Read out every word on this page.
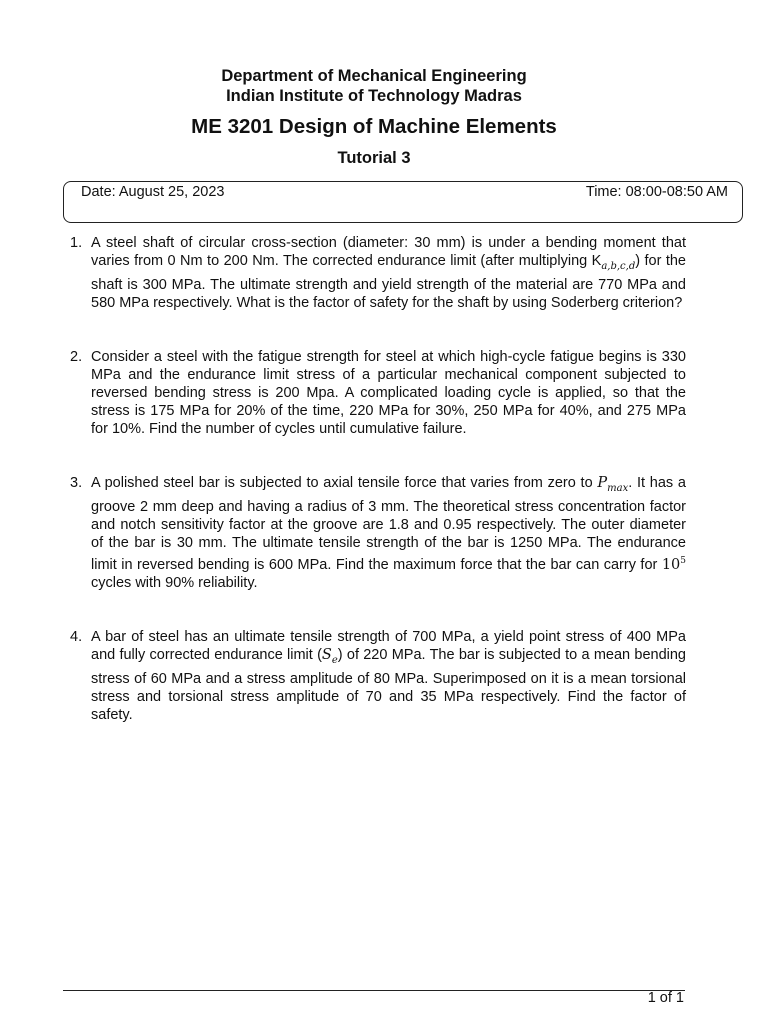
Department of Mechanical Engineering
Indian Institute of Technology Madras
ME 3201 Design of Machine Elements
Tutorial 3
Date: August 25, 2023	Time: 08:00-08:50 AM
1. A steel shaft of circular cross-section (diameter: 30 mm) is under a bending moment that varies from 0 Nm to 200 Nm. The corrected endurance limit (after multiplying $K_{a,b,c,d}$) for the shaft is 300 MPa. The ultimate strength and yield strength of the material are 770 MPa and 580 MPa respectively. What is the factor of safety for the shaft by using Soderberg criterion?
2. Consider a steel with the fatigue strength for steel at which high-cycle fatigue begins is 330 MPa and the endurance limit stress of a particular mechanical component subjected to reversed bending stress is 200 Mpa. A complicated loading cycle is applied, so that the stress is 175 MPa for 20% of the time, 220 MPa for 30%, 250 MPa for 40%, and 275 MPa for 10%. Find the number of cycles until cumulative failure.
3. A polished steel bar is subjected to axial tensile force that varies from zero to $P_{max}$. It has a groove 2 mm deep and having a radius of 3 mm. The theoretical stress concentration factor and notch sensitivity factor at the groove are 1.8 and 0.95 respectively. The outer diameter of the bar is 30 mm. The ultimate tensile strength of the bar is 1250 MPa. The endurance limit in reversed bending is 600 MPa. Find the maximum force that the bar can carry for $10^5$ cycles with 90% reliability.
4. A bar of steel has an ultimate tensile strength of 700 MPa, a yield point stress of 400 MPa and fully corrected endurance limit $(S_e)$ of 220 MPa. The bar is subjected to a mean bending stress of 60 MPa and a stress amplitude of 80 MPa. Superimposed on it is a mean torsional stress and torsional stress amplitude of 70 and 35 MPa respectively. Find the factor of safety.
1 of 1
